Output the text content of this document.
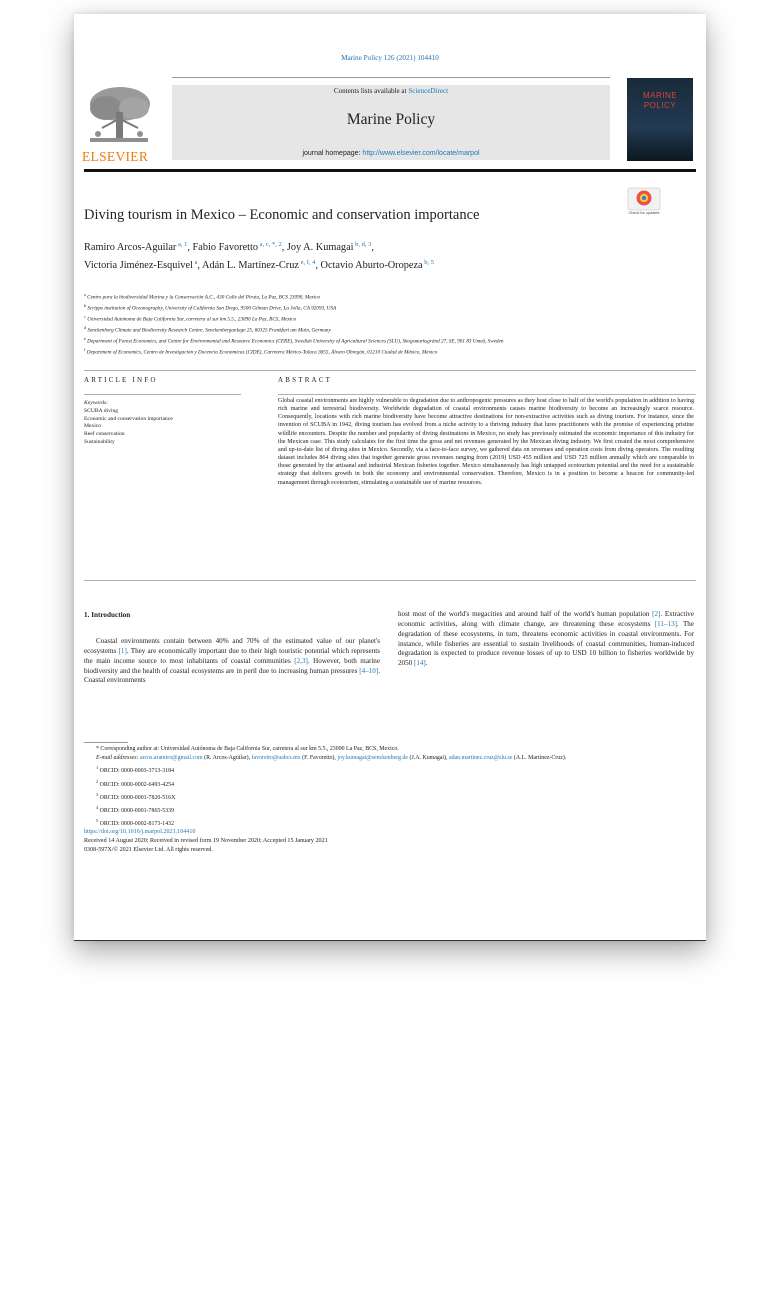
Marine Policy 126 (2021) 104410
ELSEVIER
Contents lists available at ScienceDirect
Marine Policy
journal homepage: http://www.elsevier.com/locate/marpol
MARINE
POLICY
Check for updates
Diving tourism in Mexico – Economic and conservation importance
Ramiro Arcos-Aguilar $^{a, 1}$, Fabio Favoretto $^{a, c, *, 2}$, Joy A. Kumagai $^{b, d, 3}$,
Victoria Jiménez-Esquivel $^a$, Adán L. Martínez-Cruz $^{e, f, 4}$, Octavio Aburto-Oropeza $^{b, 5}$
$^a$ Centro para la biodiversidad Marina y la Conservación A.C., 430 Calle del Pirata, La Paz, BCS 23090, Mexico
$^b$ Scripps institution of Oceanography, University of California San Diego, 9500 Gilman Drive, La Jolla, CA 92093, USA
$^c$ Universidad Autónoma de Baja California Sur, carretera al sur km 5.5., 23090 La Paz, BCS, Mexico
$^d$ Senckenberg Climate and Biodiversity Research Centre, Senckenberganlage 25, 60325 Frankfurt am Main, Germany
$^e$ Department of Forest Economics, and Centre for Environmental and Resource Economics (CERE), Swedish University of Agricultural Sciences (SLU), Skogsmarksgränd 27, SE, 901 83 Umeå, Sweden
$^f$ Department of Economics, Centro de Investigación y Docencia Económicas (CIDE), Carretera México-Toluca 3655, Álvaro Obregón, 01210 Ciudad de México, Mexico
ARTICLE INFO
Keywords:
SCUBA diving
Economic and conservation importance
Mexico
Reef conservation
Sustainability
ABSTRACT
Global coastal environments are highly vulnerable to degradation due to anthropogenic pressures as they host close to half of the world's population in addition to having rich marine and terrestrial biodiversity. Worldwide degradation of coastal environments causes marine biodiversity to become an increasingly scarce resource. Consequently, locations with rich marine biodiversity have become attractive destinations for non-extractive activities such as diving tourism. For instance, since the invention of SCUBA in 1942, diving tourism has evolved from a niche activity to a thriving industry that lures practitioners with the promise of experiencing pristine wildlife encounters. Despite the number and popularity of diving destinations in Mexico, no study has previously estimated the economic importance of this industry for the Mexican case. This study calculates for the first time the gross and net revenues generated by the Mexican diving industry. We first created the most comprehensive and up-to-date list of diving sites in Mexico. Secondly, via a face-to-face survey, we gathered data on revenues and operation costs from diving operators. The resulting dataset includes 864 diving sites that together generate gross revenues ranging from (2019) USD 455 million and USD 725 million annually which are comparable to those generated by the artisanal and industrial Mexican fisheries together. Mexico simultaneously has high untapped ecotourism potential and the need for a sustainable strategy that delivers growth in both the economy and environmental conservation. Therefore, Mexico is in a position to become a beacon for community-led management through ecotourism, stimulating a sustainable use of marine resources.
1. Introduction
Coastal environments contain between 40% and 70% of the estimated value of our planet's ecosystems [1]. They are economically important due to their high touristic potential which represents the main income source to most inhabitants of coastal communities [2,3]. However, both marine biodiversity and the health of coastal ecosystems are in peril due to increasing human pressures [4–10]. Coastal environments
host most of the world's megacities and around half of the world's human population [2]. Extractive economic activities, along with climate change, are threatening these ecosystems [11–13]. The degradation of these ecosystems, in turn, threatens economic activities in coastal environments. For instance, while fisheries are essential to sustain livelihoods of coastal communities, human-induced degradation is expected to produce revenue losses of up to USD 10 billion to fisheries worldwide by 2050 [14].
* Corresponding author at: Universidad Autónoma de Baja California Sur, carretera al sur km 5.5., 23090 La Paz, BCS, Mexico.
E-mail addresses: arcos.aramiro@gmail.com (R. Arcos-Aguilar), favoretto@uabcs.mx (F. Favoretto), joy.kumagai@senckenberg.de (J.A. Kumagai), adan.martinez.cruz@slu.se (A.L. Martínez-Cruz).
$^1$ ORCID: 0000-0003-3713-3184
$^2$ ORCID: 0000-0002-6493-4254
$^3$ ORCID: 0000-0001-7820-516X
$^4$ ORCID: 0000-0001-7865-5339
$^5$ ORCID: 0000-0002-8173-1432
https://doi.org/10.1016/j.marpol.2021.104410
Received 14 August 2020; Received in revised form 19 November 2020; Accepted 15 January 2021
0308-597X/© 2021 Elsevier Ltd. All rights reserved.
